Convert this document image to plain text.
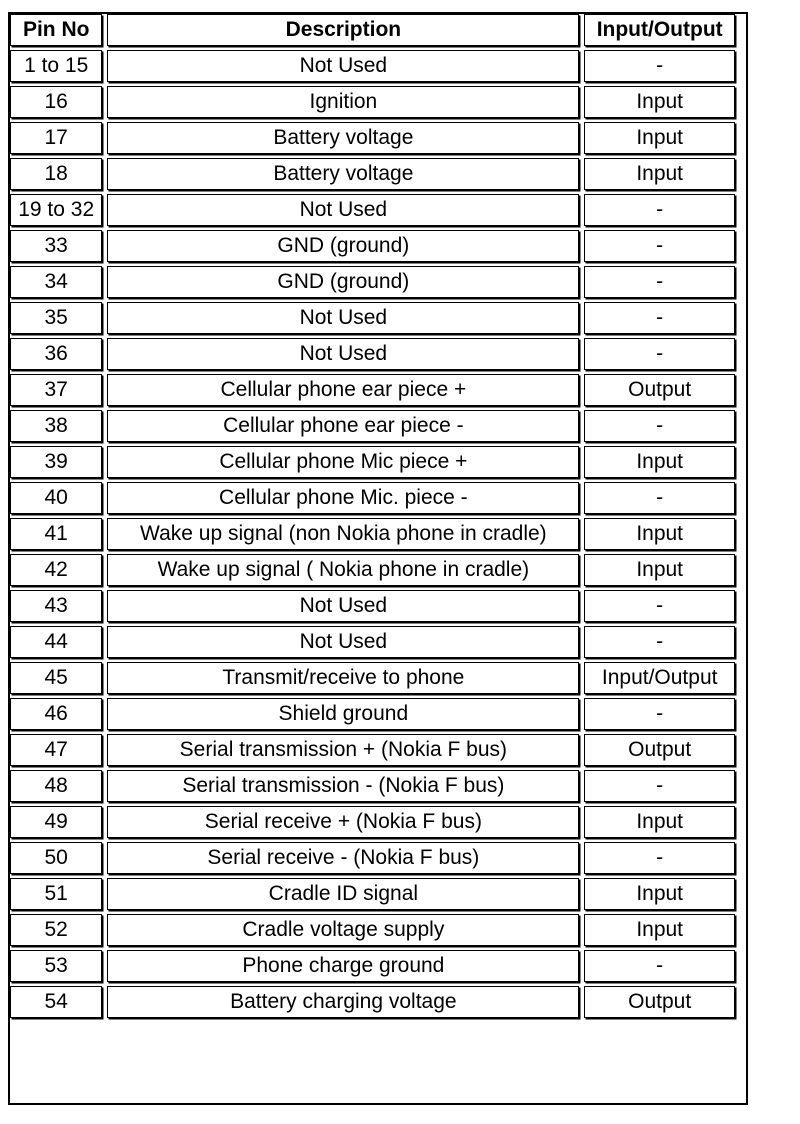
Pin No	Description	Input/Output
1 to 15	Not Used	-
16	Ignition	Input
17	Battery voltage	Input
18	Battery voltage	Input
19 to 32	Not Used	-
33	GND (ground)	-
34	GND (ground)	-
35	Not Used	-
36	Not Used	-
37	Cellular phone ear piece +	Output
38	Cellular phone ear piece -	-
39	Cellular phone Mic piece +	Input
40	Cellular phone Mic. piece -	-
41	Wake up signal (non Nokia phone in cradle)	Input
42	Wake up signal ( Nokia phone in cradle)	Input
43	Not Used	-
44	Not Used	-
45	Transmit/receive to phone	Input/Output
46	Shield ground	-
47	Serial transmission + (Nokia F bus)	Output
48	Serial transmission - (Nokia F bus)	-
49	Serial receive + (Nokia F bus)	Input
50	Serial receive - (Nokia F bus)	-
51	Cradle ID signal	Input
52	Cradle voltage supply	Input
53	Phone charge ground	-
54	Battery charging voltage	Output
